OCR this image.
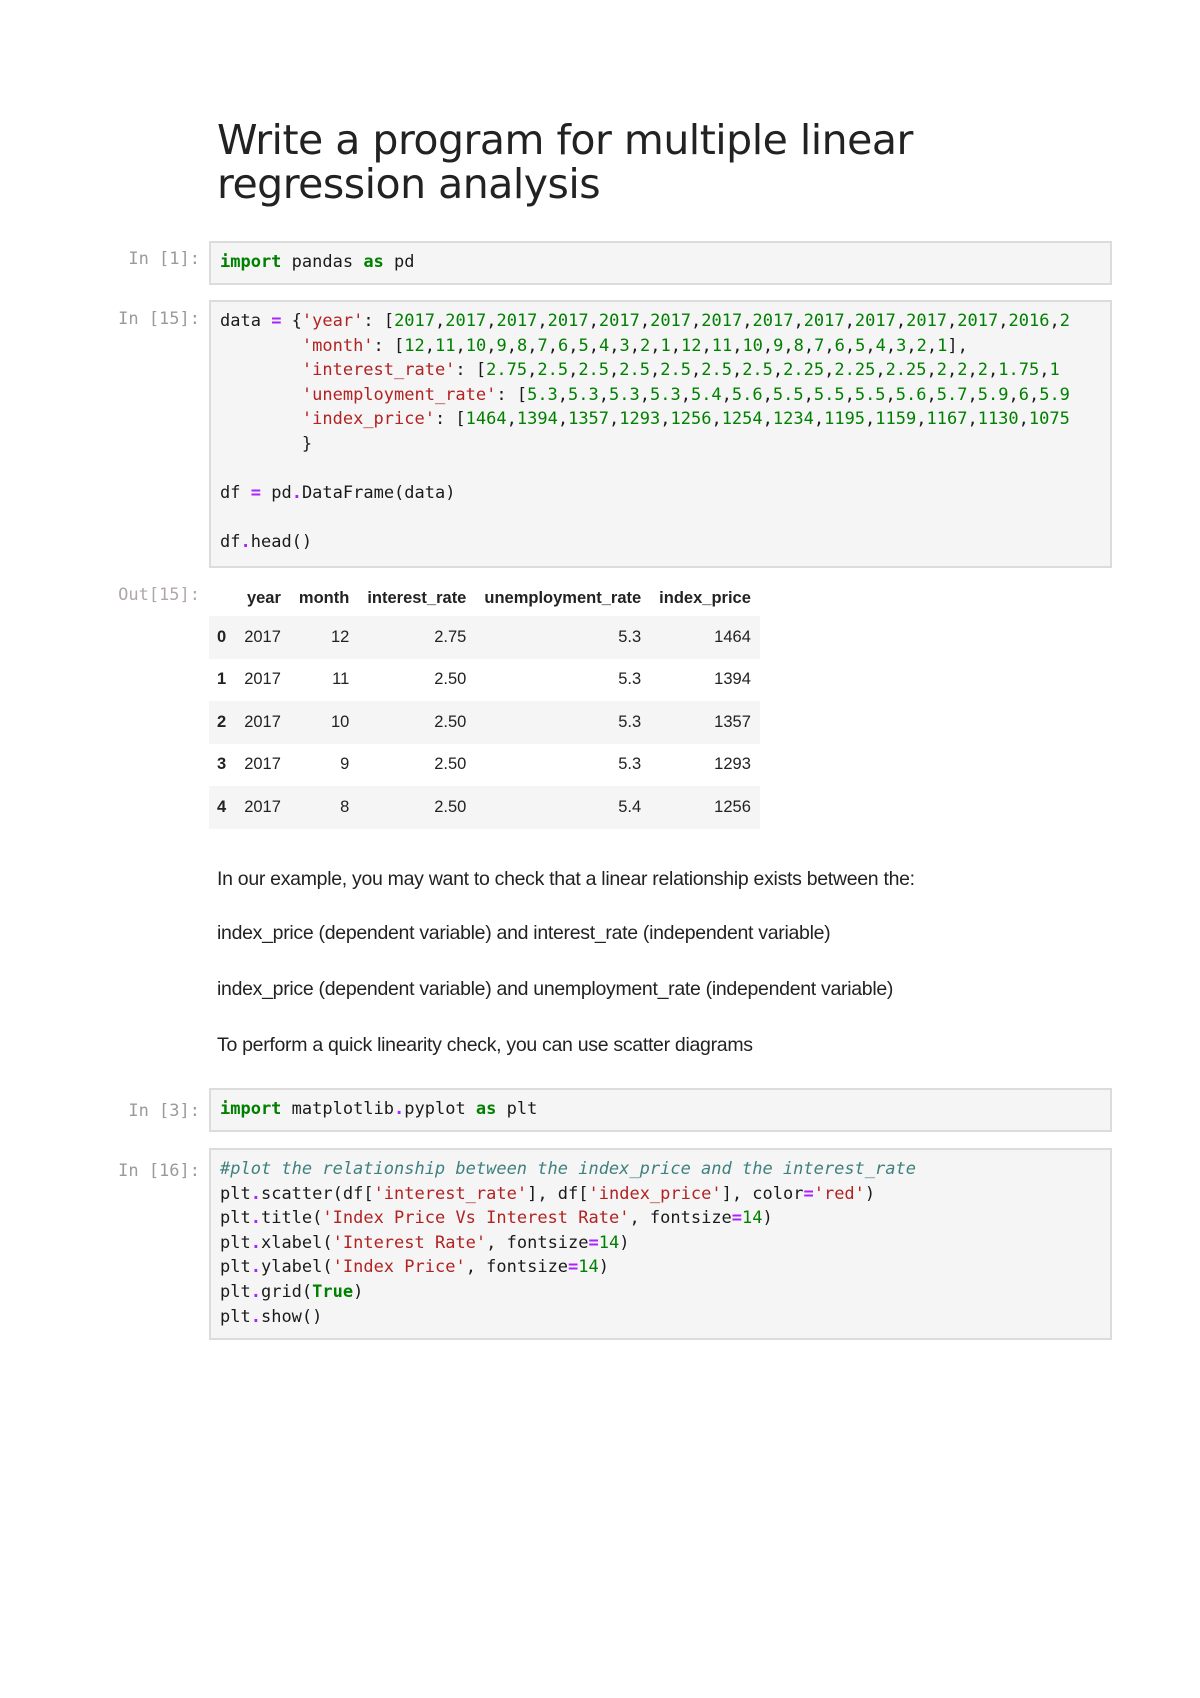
Write a program for multiple linear
regression analysis
In [1]:	import pandas as pd
In [15]: data = {'year': [2017,2017,2017,2017,2017,2017,2017,2017,2017,2017,2017,2017,2016,2
'month': [12,11,10,9,8,7,6,5,4,3,2,1,12,11,10,9,8,7,6,5,4,3,2,1],
'interest_rate': [2.75,2.5,2.5,2.5,2.5,2.5,2.5,2.25,2.25,2.25,2,2,2,1.75,1
'unemployment_rate': [5.3,5.3,5.3,5.3,5.4,5.6,5.5,5.5,5.5,5.6,5.7,5.9,6,5.9
'index_price': [1464,1394,1357,1293,1256,1254,1234,1195,1159,1167,1130,1075
}

df = pd.DataFrame(data)

df.head()
Out[15]:
		year	month	interest_rate	unemployment_rate	index_price
0	2017	12	2.75	5.3	1464
1	2017	11	2.50	5.3	1394
2	2017	10	2.50	5.3	1357
3	2017	9	2.50	5.3	1293
4	2017	8	2.50	5.4	1256
In our example, you may want to check that a linear relationship exists between the:
index_price (dependent variable) and interest_rate (independent variable)
index_price (dependent variable) and unemployment_rate (independent variable)
To perform a quick linearity check, you can use scatter diagrams
In [3]:	import matplotlib.pyplot as plt
In [16]: #plot the relationship between the index_price and the interest_rate
plt.scatter(df['interest_rate'], df['index_price'], color='red')
plt.title('Index Price Vs Interest Rate', fontsize=14)
plt.xlabel('Interest Rate', fontsize=14)
plt.ylabel('Index Price', fontsize=14)
plt.grid(True)
plt.show()
